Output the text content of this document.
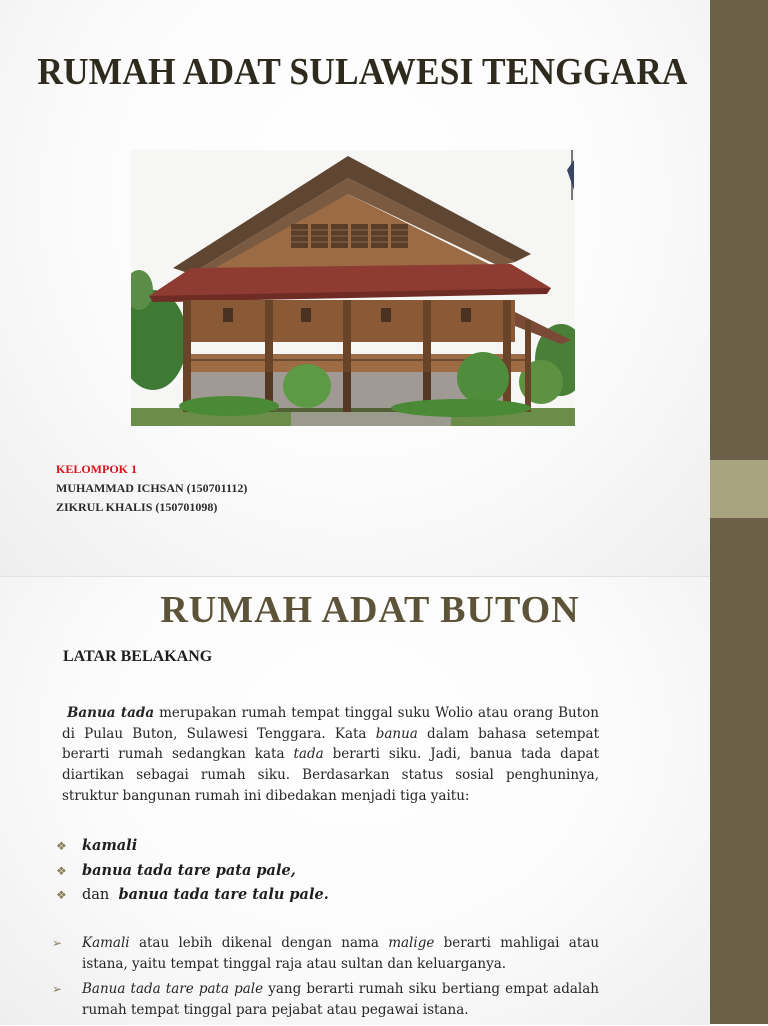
RUMAH ADAT SULAWESI TENGGARA
KELOMPOK 1
MUHAMMAD ICHSAN (150701112)
ZIKRUL KHALIS (150701098)
RUMAH ADAT BUTON
LATAR BELAKANG

Banua tada merupakan rumah tempat tinggal suku Wolio atau orang Buton di Pulau Buton, Sulawesi Tenggara. Kata banua dalam bahasa setempat berarti rumah sedangkan kata tada berarti siku. Jadi, banua tada dapat diartikan sebagai rumah siku. Berdasarkan status sosial penghuninya, struktur bangunan rumah ini dibedakan menjadi tiga yaitu:

❖	kamali
❖	banua tada tare pata pale ,
❖	dan banua tada tare talu pale .
➢ Kamali atau lebih dikenal dengan nama malige berarti mahligai atau istana, yaitu tempat tinggal raja atau sultan dan keluarganya.
➢ Banua tada tare pata pale yang berarti rumah siku bertiang empat adalah rumah tempat tinggal para pejabat atau pegawai istana.
